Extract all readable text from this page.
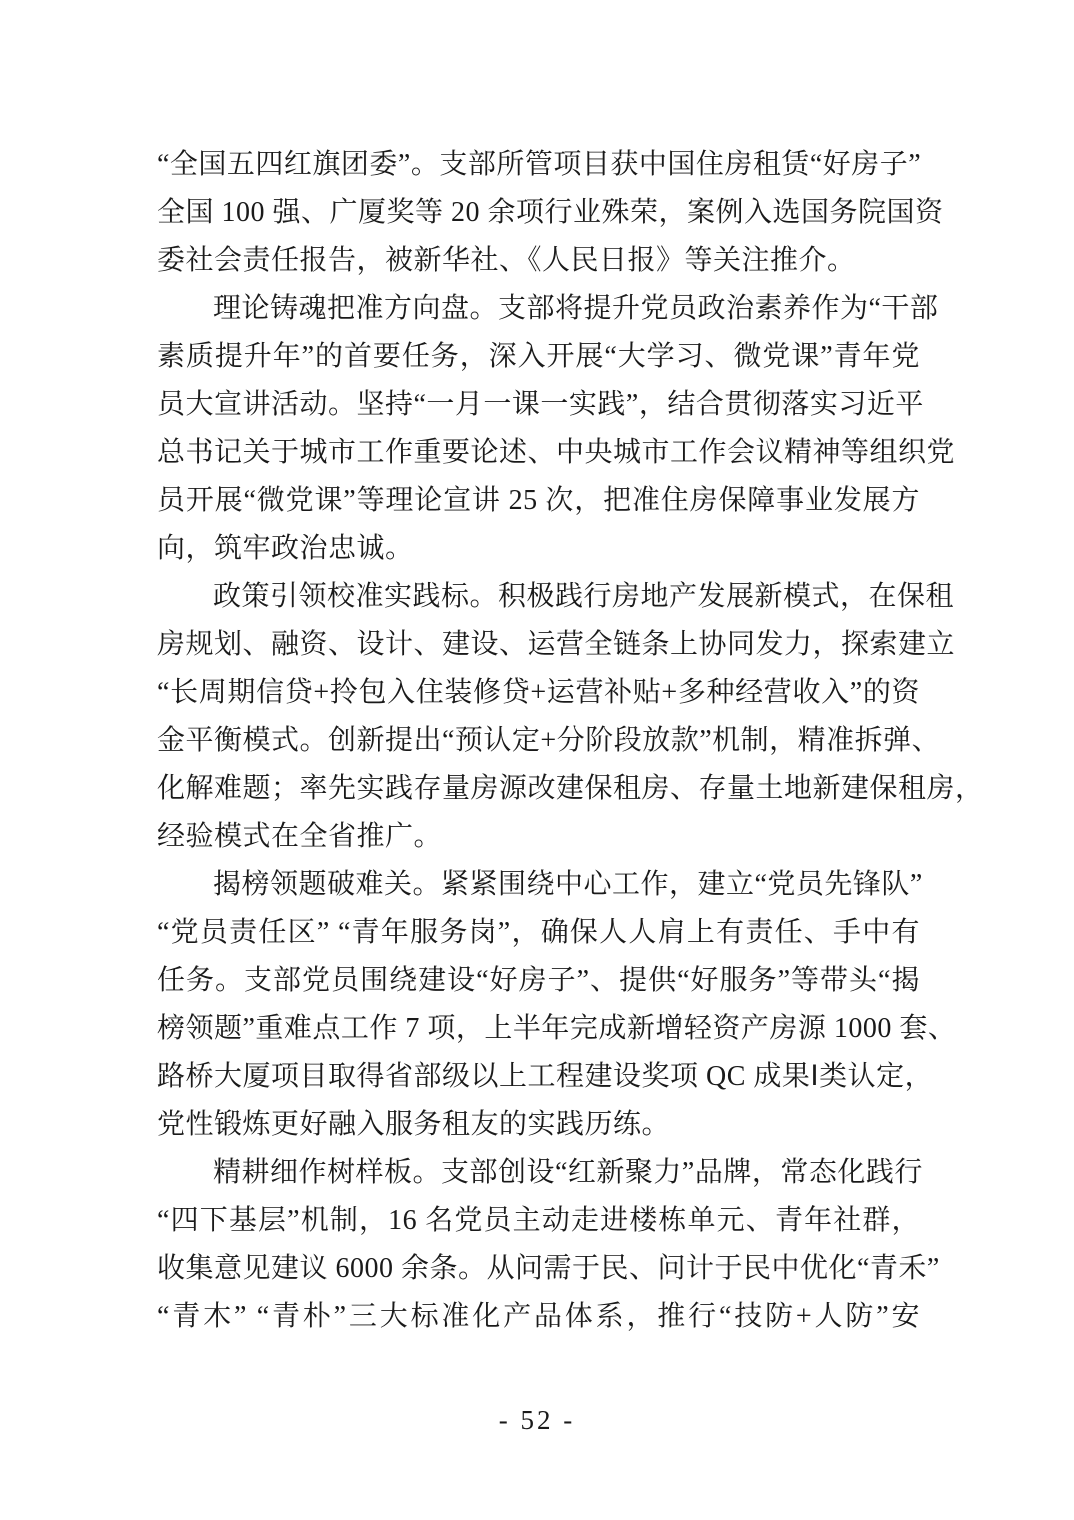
“全国五四红旗团委”。支部所管项目获中国住房租赁“好房子”
全国 100 强、广厦奖等 20 余项行业殊荣，案例入选国务院国资
委社会责任报告，被新华社、《人民日报》等关注推介。
理论铸魂把准方向盘。支部将提升党员政治素养作为“干部
素质提升年”的首要任务，深入开展“大学习、微党课”青年党
员大宣讲活动。坚持“一月一课一实践”，结合贯彻落实习近平
总书记关于城市工作重要论述、中央城市工作会议精神等组织党
员开展“微党课”等理论宣讲 25 次，把准住房保障事业发展方
向，筑牢政治忠诚。
政策引领校准实践标。积极践行房地产发展新模式，在保租
房规划、融资、设计、建设、运营全链条上协同发力，探索建立
“长周期信贷+拎包入住装修贷+运营补贴+多种经营收入”的资
金平衡模式。创新提出“预认定+分阶段放款”机制，精准拆弹、
化解难题；率先实践存量房源改建保租房、存量土地新建保租房，
经验模式在全省推广。
揭榜领题破难关。紧紧围绕中心工作，建立“党员先锋队”
“党员责任区” “青年服务岗”，确保人人肩上有责任、手中有
任务。支部党员围绕建设“好房子”、提供“好服务”等带头“揭
榜领题”重难点工作 7 项，上半年完成新增轻资产房源 1000 套、
路桥大厦项目取得省部级以上工程建设奖项 QC 成果Ⅰ类认定，
党性锻炼更好融入服务租友的实践历练。
精耕细作树样板。支部创设“红新聚力”品牌，常态化践行
“四下基层”机制，16 名党员主动走进楼栋单元、青年社群，
收集意见建议 6000 余条。从问需于民、问计于民中优化“青禾”
“青木” “青朴”三大标准化产品体系，推行“技防+人防”安
- 52 -
